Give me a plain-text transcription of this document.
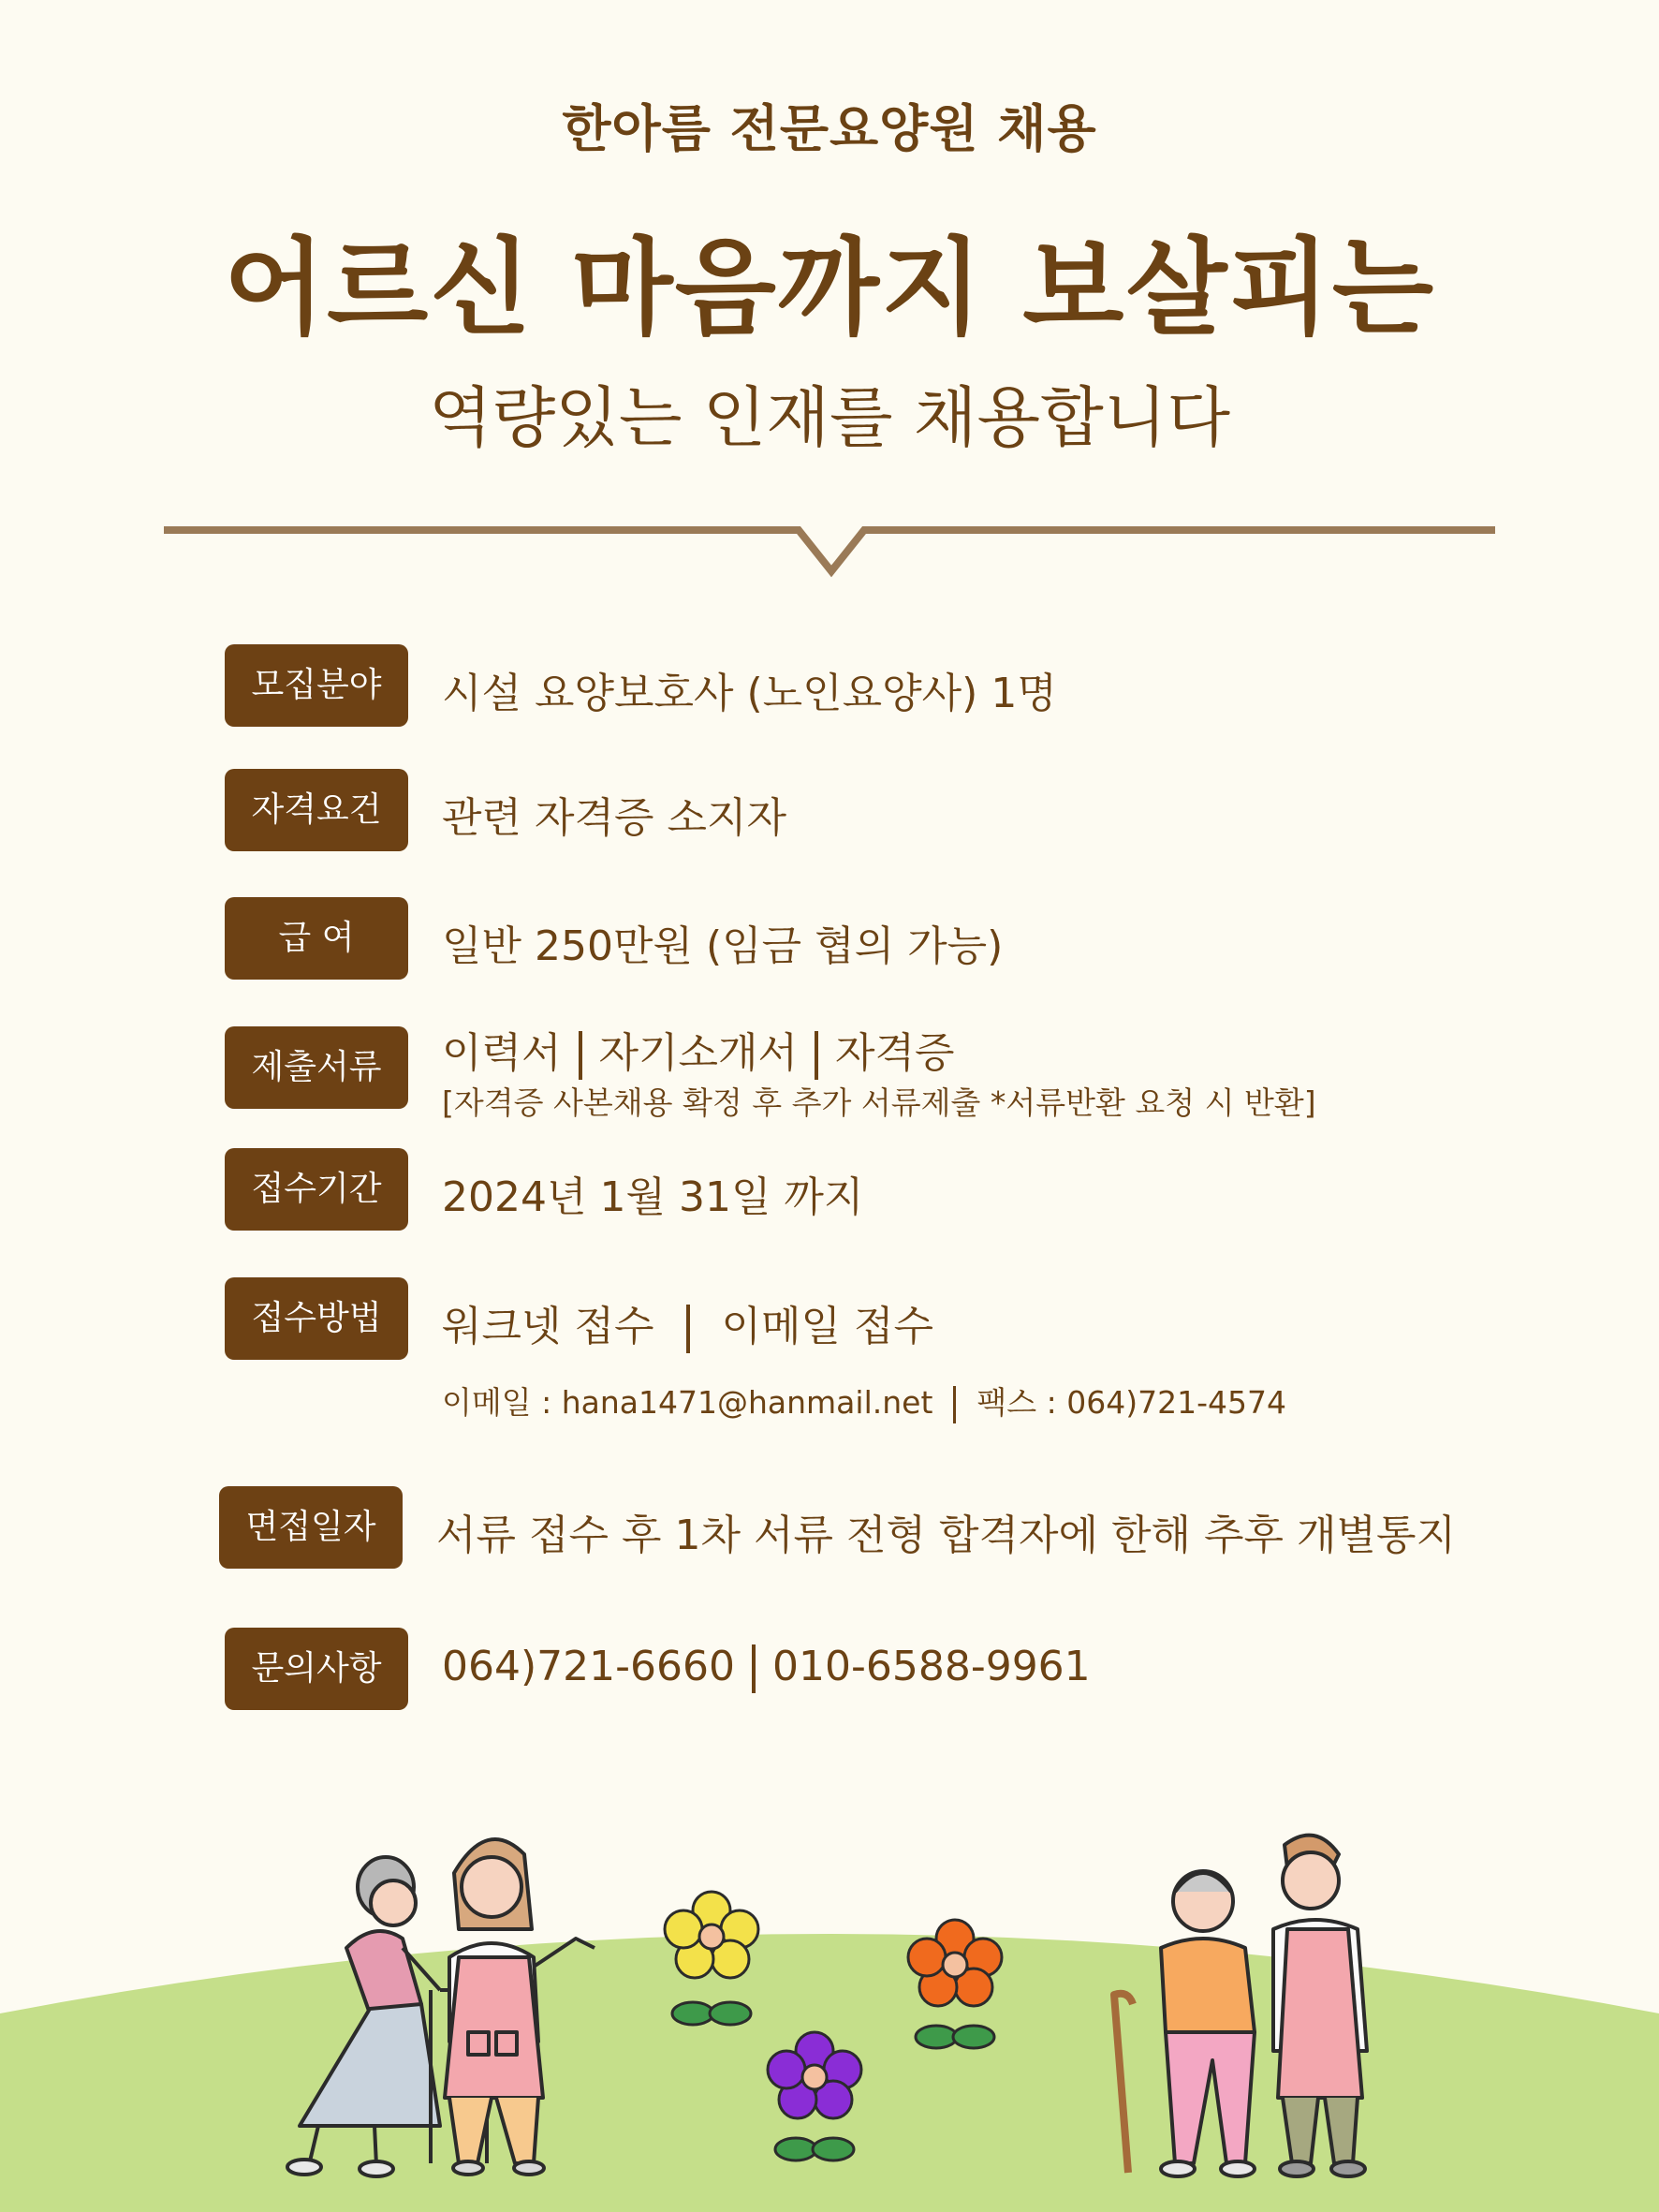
한아름 전문요양원 채용
어르신 마음까지 보살피는
역량있는 인재를 채용합니다
모집분야	시설 요양보호사 (노인요양사) 1명
자격요건	관련 자격증 소지자
급 여	일반 250만원 (임금 협의 가능)
제출서류	이력서 자기소개서 자격증
[자격증 사본채용 확정 후 추가 서류제출 *서류반환 요청 시 반환]
접수기간	2024년 1월 31일 까지
접수방법	워크넷 접수 이메일 접수
이메일 : hana1471@hanmail.net 팩스 : 064)721-4574
면접일자	서류 접수 후 1차 서류 전형 합격자에 한해 추후 개별통지
문의사항	064)721-6660 010-6588-9961
